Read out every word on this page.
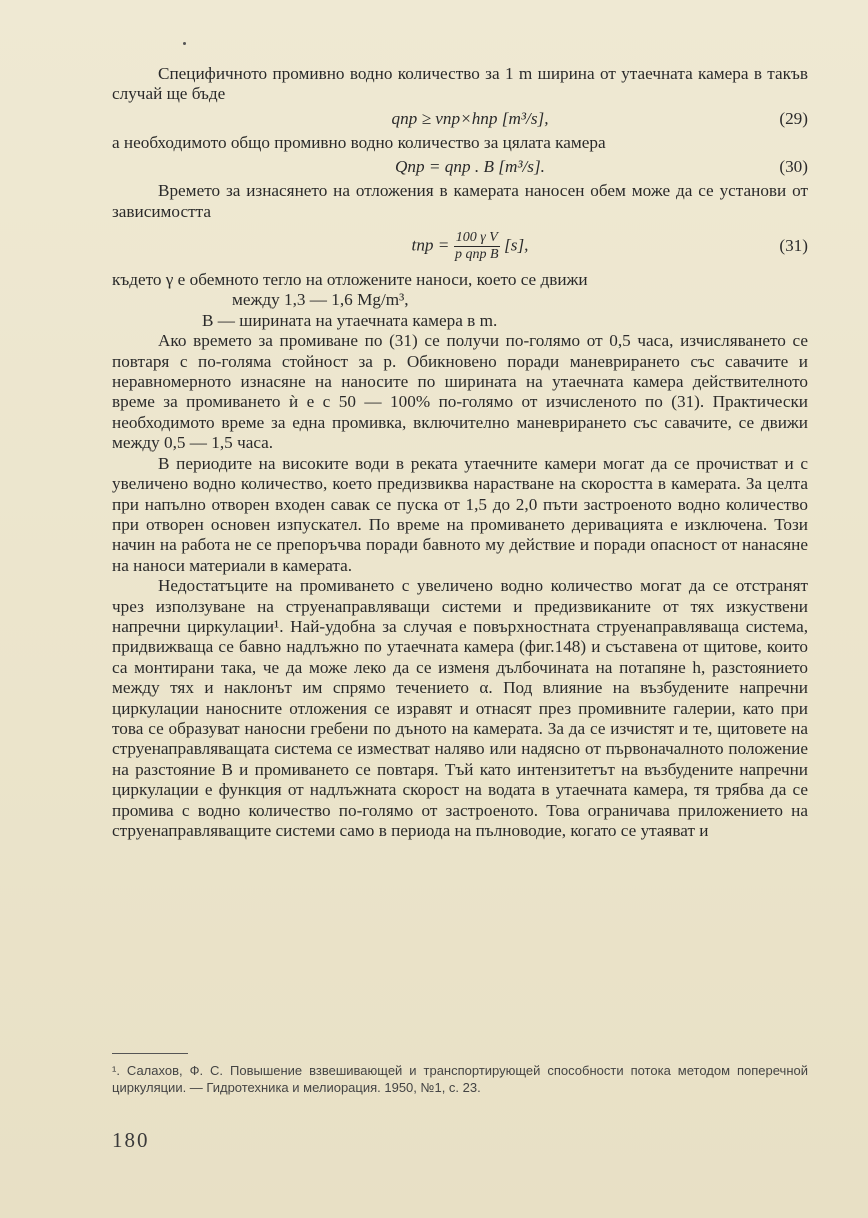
Специфичното промивно водно количество за 1 m ширина от утаечната камера в такъв случай ще бъде

qпр ≥ vпр×hпр [m³/s],	(29)

а необходимото общо промивно водно количество за цялата камера

Qпр = qпр . B [m³/s].	(30)

Времето за изнасянето на отложения в камерата наносен обем може да се установи от зависимостта

tпр = $\frac{\text{100 γ V}}{\text{p qпр B}} [s]$,	(31)

където γ е обемното тегло на отложените наноси, което се движи

между 1,3 — 1,6 Mg/m³,

B — ширината на утаечната камера в m.

Ако времето за промиване по (31) се получи по-голямо от 0,5 часа, изчисляването се повтаря с по-голяма стойност за p. Обикновено поради маневрирането със савачите и неравномерното изнасяне на наносите по ширината на утаечната камера действителното време за промиването ѝ е с 50 — 100% по-голямо от изчисленото по (31). Практически необходимото време за една промивка, включително маневрирането със савачите, се движи между 0,5 — 1,5 часа.

В периодите на високите води в реката утаечните камери могат да се прочистват и с увеличено водно количество, което предизвиква нарастване на скоростта в камерата. За целта при напълно отворен входен савак се пуска от 1,5 до 2,0 пъти застроеното водно количество при отворен основен изпускател. По време на промиването деривацията е изключена. Този начин на работа не се препоръчва поради бавното му действие и поради опасност от нанасяне на наноси материали в камерата.

Недостатъците на промиването с увеличено водно количество могат да се отстранят чрез използуване на струенаправляващи системи и предизвиканите от тях изкуствени напречни циркулации¹. Най-удобна за случая е повърхностната струенаправляваща система, придвижваща се бавно надлъжно по утаечната камера (фиг.148) и съставена от щитове, които са монтирани така, че да може леко да се изменя дълбочината на потапяне h, разстоянието между тях и наклонът им спрямо течението α. Под влияние на възбудените напречни циркулации наносните отложения се изравят и отнасят през промивните галерии, като при това се образуват наносни гребени по дъното на камерата. За да се изчистят и те, щитовете на струенаправляващата система се изместват наляво или надясно от първоначалното положение на разстояние B и промиването се повтаря. Тъй като интензитетът на възбудените напречни циркулации е функция от надлъжната скорост на водата в утаечната камера, тя трябва да се промива с водно количество по-голямо от застроеното. Това ограничава приложението на струенаправляващите системи само в периода на пълноводие, когато се утаяват и

¹. Салахов, Ф. С. Повышение взвешивающей и транспортирующей способности потока методом поперечной циркуляции. — Гидротехника и мелиорация. 1950, №1, с. 23.
180
